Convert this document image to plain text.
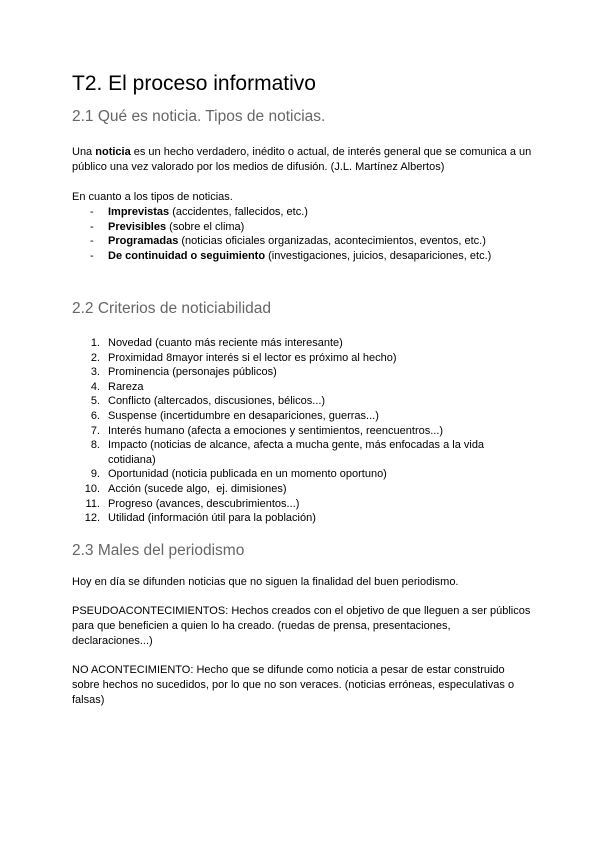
T2. El proceso informativo
2.1 Qué es noticia. Tipos de noticias.

Una noticia es un hecho verdadero, inédito o actual, de interés general que se comunica a un público una vez valorado por los medios de difusión. (J.L. Martínez Albertos)

En cuanto a los tipos de noticias.

- Imprevistas (accidentes, fallecidos, etc.)
- Previsibles (sobre el clima)
- Programadas (noticias oficiales organizadas, acontecimientos, eventos, etc.)
- De continuidad o seguimiento (investigaciones, juicios, desapariciones, etc.)
2.2 Criterios de noticiabilidad
1. Novedad (cuanto más reciente más interesante)
2. Proximidad 8mayor interés si el lector es próximo al hecho)
3. Prominencia (personajes públicos)
4. Rareza
5. Conflicto (altercados, discusiones, bélicos...)
6. Suspense (incertidumbre en desapariciones, guerras...)
7. Interés humano (afecta a emociones y sentimientos, reencuentros...)
8. Impacto (noticias de alcance, afecta a mucha gente, más enfocadas a la vida cotidiana)
9. Oportunidad (noticia publicada en un momento oportuno)
10. Acción (sucede algo,  ej. dimisiones)
11. Progreso (avances, descubrimientos...)
12. Utilidad (información útil para la población)
2.3 Males del periodismo

Hoy en día se difunden noticias que no siguen la finalidad del buen periodismo.

PSEUDOACONTECIMIENTOS: Hechos creados con el objetivo de que lleguen a ser públicos para que beneficien a quien lo ha creado. (ruedas de prensa, presentaciones, declaraciones...)

NO ACONTECIMIENTO: Hecho que se difunde como noticia a pesar de estar construido sobre hechos no sucedidos, por lo que no son veraces. (noticias erróneas, especulativas o falsas)
